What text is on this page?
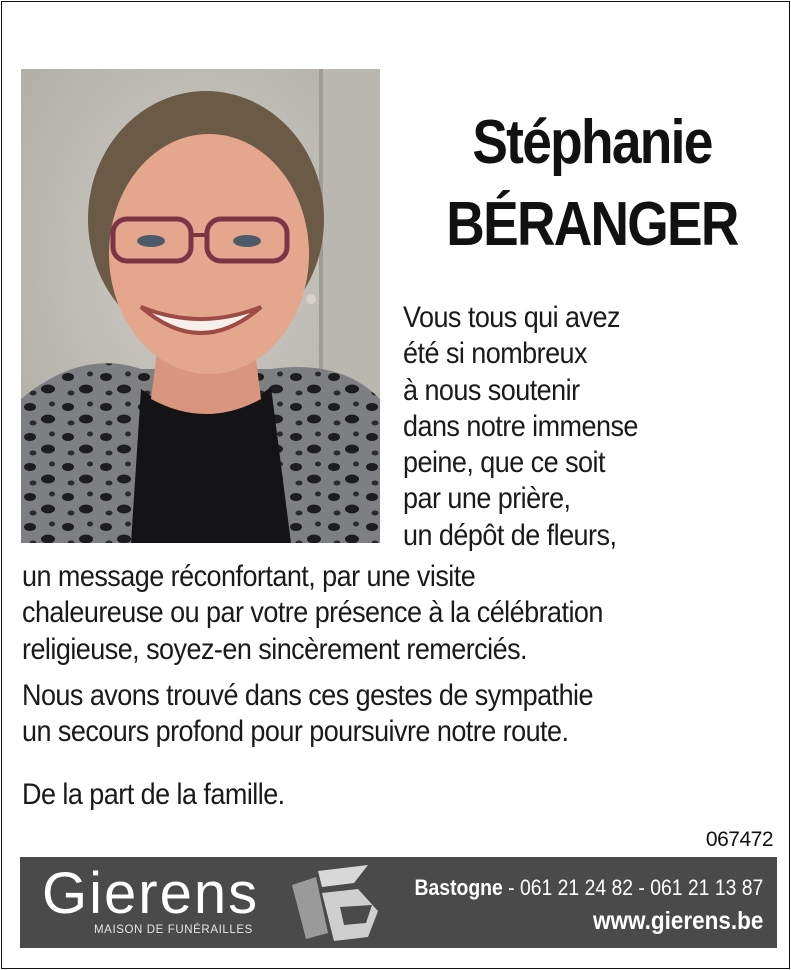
Stéphanie
BÉRANGER
Vous tous qui avez
été si nombreux
à nous soutenir
dans notre immense
peine, que ce soit
par une prière,
un dépôt de fleurs,
un message réconfortant, par une visite
chaleureuse ou par votre présence à la célébration
religieuse, soyez-en sincèrement remerciés.
Nous avons trouvé dans ces gestes de sympathie
un secours profond pour poursuivre notre route.
De la part de la famille.
067472
Gierens
MAISON DE FUNÉRAILLES
Bastogne - 061 21 24 82 - 061 21 13 87
www.gierens.be
